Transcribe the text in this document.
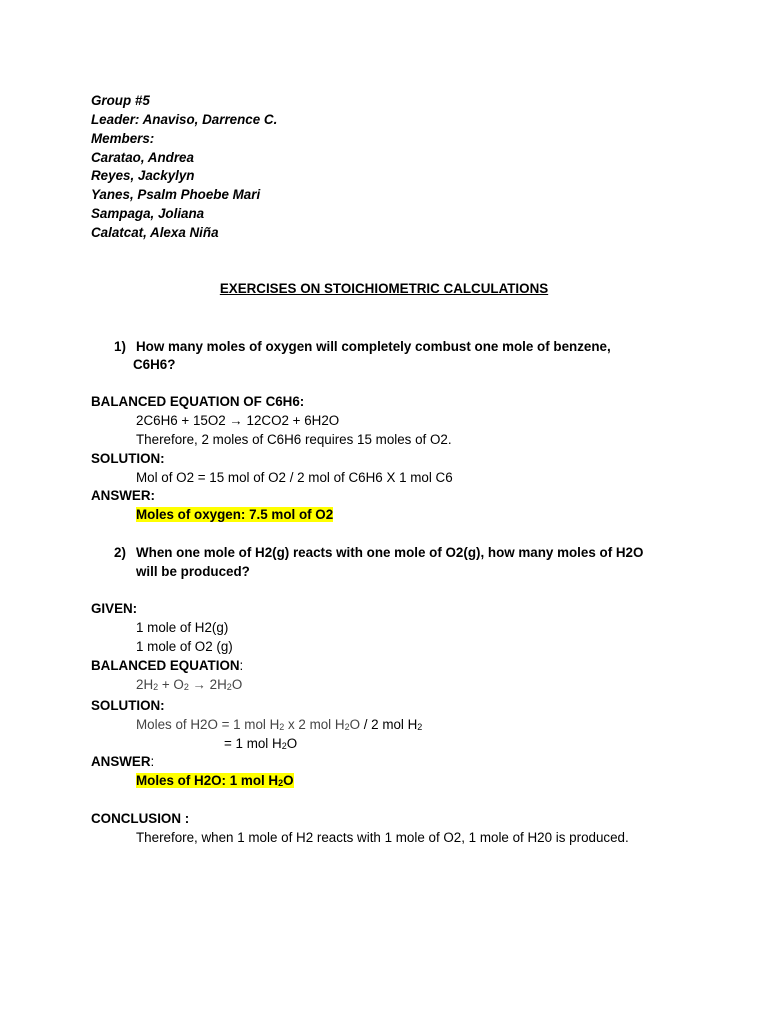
Group #5
Leader: Anaviso, Darrence C.
Members:
Caratao, Andrea
Reyes, Jackylyn
Yanes, Psalm Phoebe Mari
Sampaga, Joliana
Calatcat, Alexa Niña
EXERCISES ON STOICHIOMETRIC CALCULATIONS
1) How many moles of oxygen will completely combust one mole of benzene,
C6H6?
BALANCED EQUATION OF C6H6:
2C6H6 + 15O2 → 12CO2 + 6H2O
Therefore, 2 moles of C6H6 requires 15 moles of O2.
SOLUTION:
Mol of O2 = 15 mol of O2 / 2 mol of C6H6 X 1 mol C6
ANSWER:
Moles of oxygen: 7.5 mol of O2
2) When one mole of H2(g) reacts with one mole of O2(g), how many moles of H2O
will be produced?
GIVEN:
1 mole of H2(g)
1 mole of O2 (g)
BALANCED EQUATION:
$2H_2 + O_2 \to 2H_2O$
SOLUTION:
Moles of H2O = 1 mol $H_2$ x 2 mol $H_2O / 2$ mol $H_2$
= 1 mol $H_2O$
ANSWER:
Moles of H2O: 1 mol $H_2O$
CONCLUSION :
Therefore, when 1 mole of H2 reacts with 1 mole of O2, 1 mole of H20 is produced.
